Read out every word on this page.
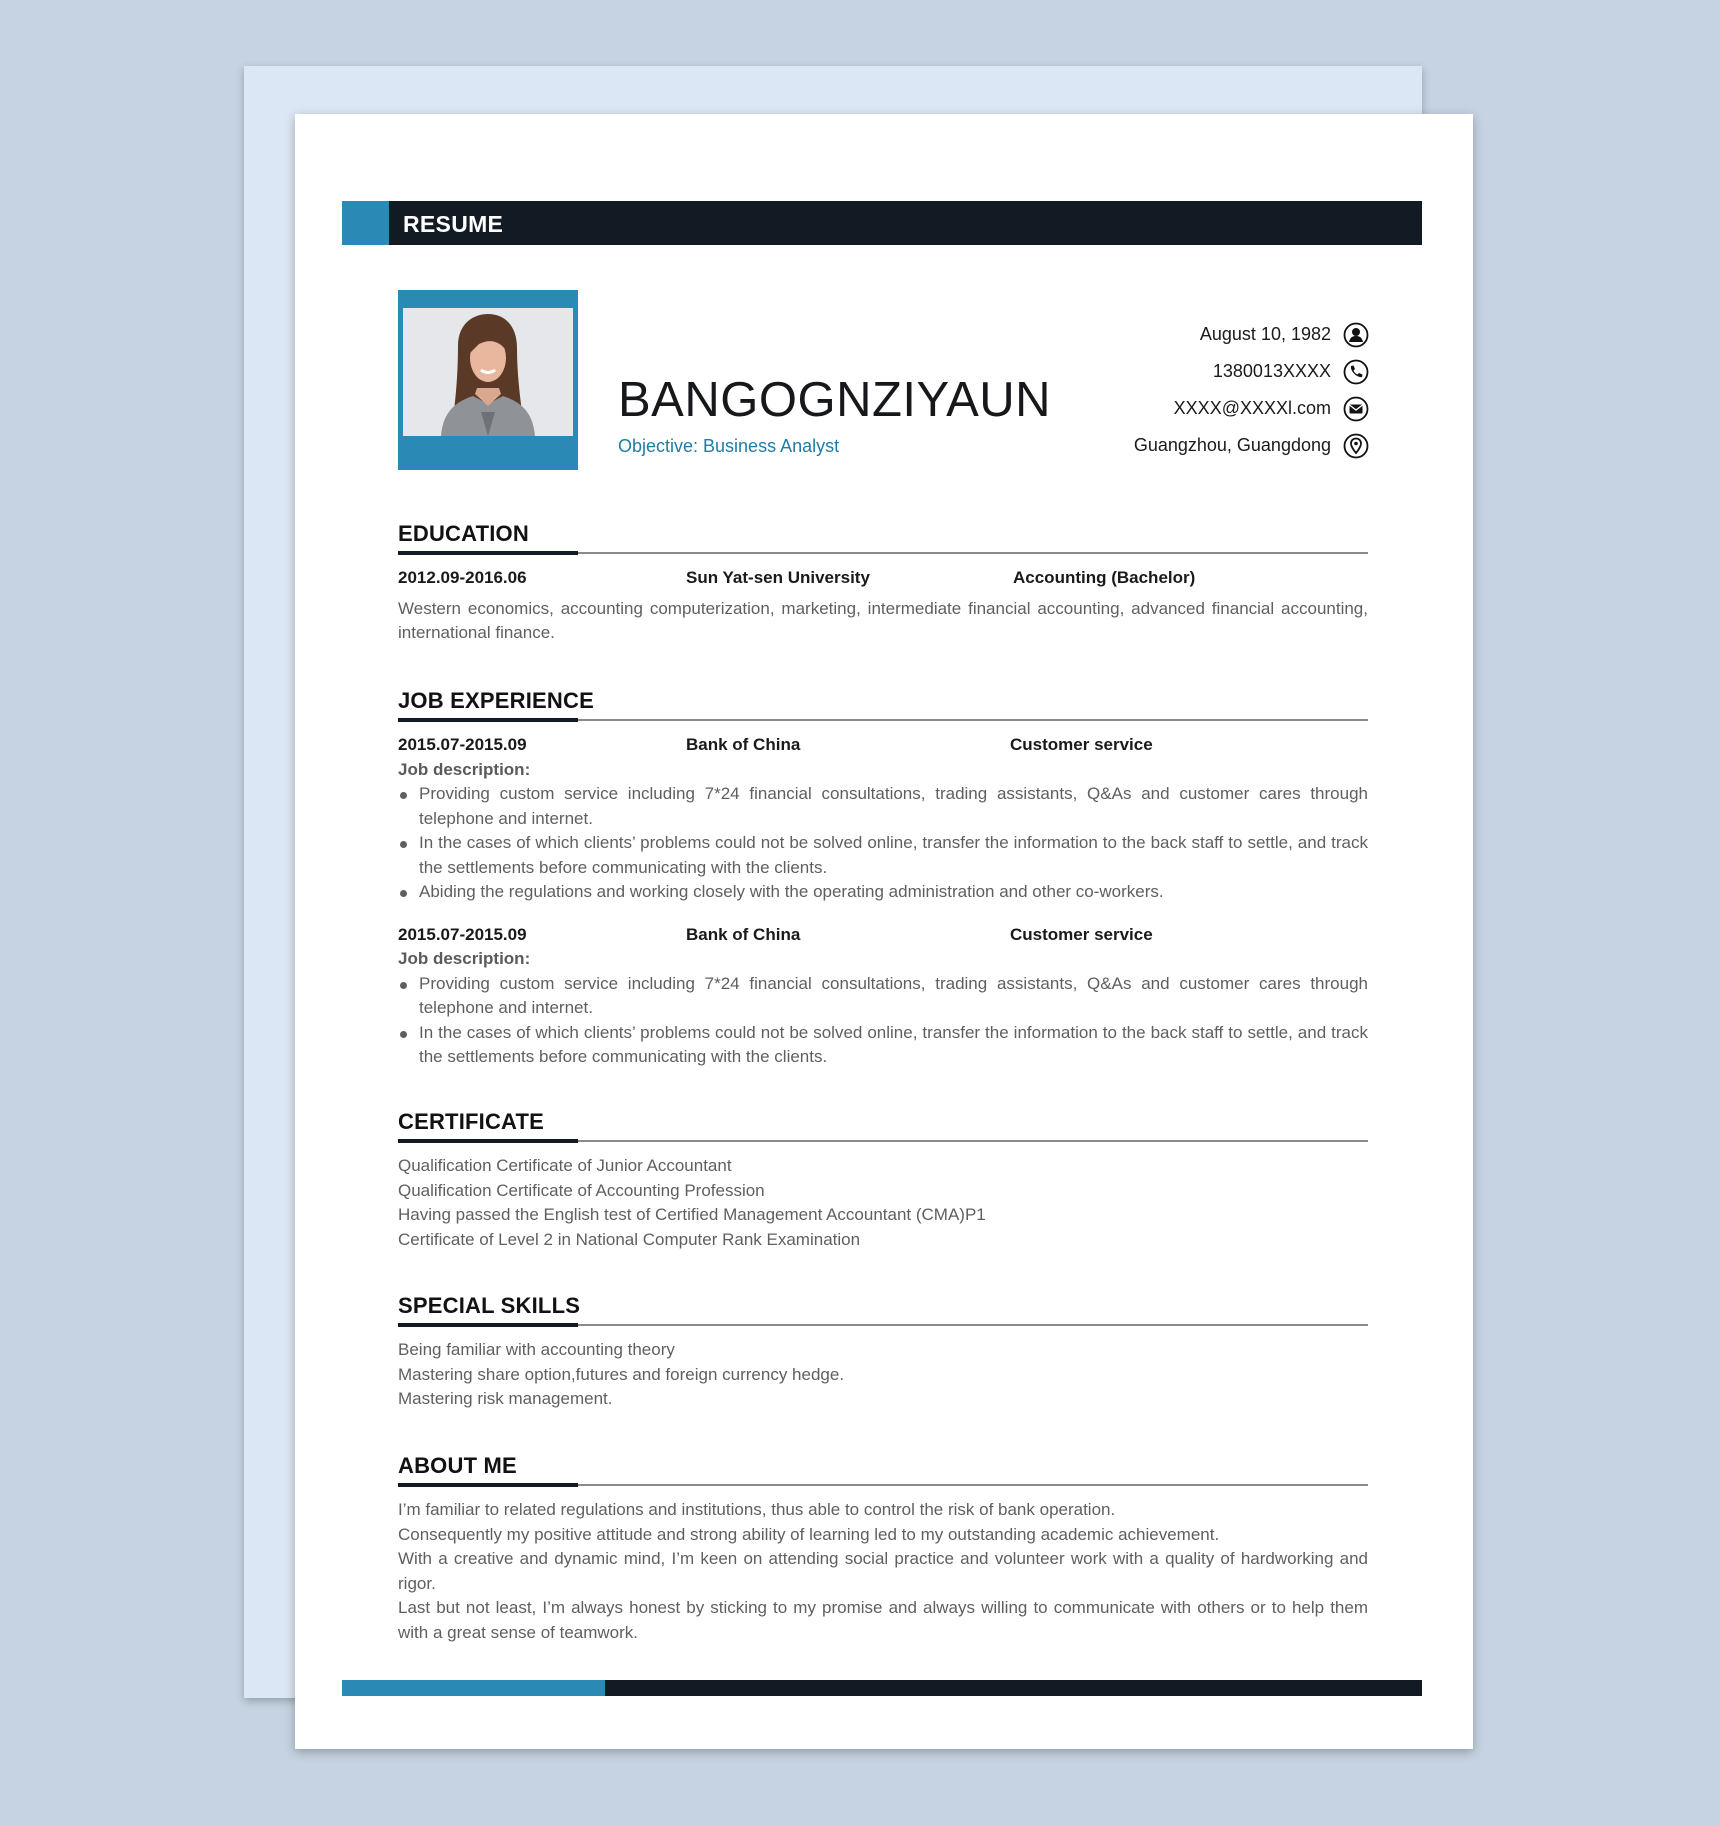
RESUME
BANGOGNZIYAUN
Objective: Business Analyst
August 10, 1982
1380013XXXX
XXXX@XXXXl.com
Guangzhou, Guangdong
EDUCATION
2012.09-2016.06	Sun Yat-sen University	Accounting (Bachelor)
Western economics, accounting computerization, marketing, intermediate financial accounting, advanced financial accounting, international finance.
JOB EXPERIENCE
2015.07-2015.09	Bank of China	Customer service
Job description:
Providing custom service including 7*24 financial consultations, trading assistants, Q&As and customer cares through telephone and internet.
In the cases of which clients’ problems could not be solved online, transfer the information to the back staff to settle, and track the settlements before communicating with the clients.
Abiding the regulations and working closely with the operating administration and other co-workers.
2015.07-2015.09	Bank of China	Customer service
Job description:
Providing custom service including 7*24 financial consultations, trading assistants, Q&As and customer cares through telephone and internet.
In the cases of which clients’ problems could not be solved online, transfer the information to the back staff to settle, and track the settlements before communicating with the clients.
CERTIFICATE
Qualification Certificate of Junior Accountant
Qualification Certificate of Accounting Profession
Having passed the English test of Certified Management Accountant (CMA)P1
Certificate of Level 2 in National Computer Rank Examination
SPECIAL SKILLS
Being familiar with accounting theory
Mastering share option,futures and foreign currency hedge.
Mastering risk management.
ABOUT ME
I’m familiar to related regulations and institutions, thus able to control the risk of bank operation.
Consequently my positive attitude and strong ability of learning led to my outstanding academic achievement.
With a creative and dynamic mind, I’m keen on attending social practice and volunteer work with a quality of hardworking and rigor.
Last but not least, I’m always honest by sticking to my promise and always willing to communicate with others or to help them with a great sense of teamwork.
